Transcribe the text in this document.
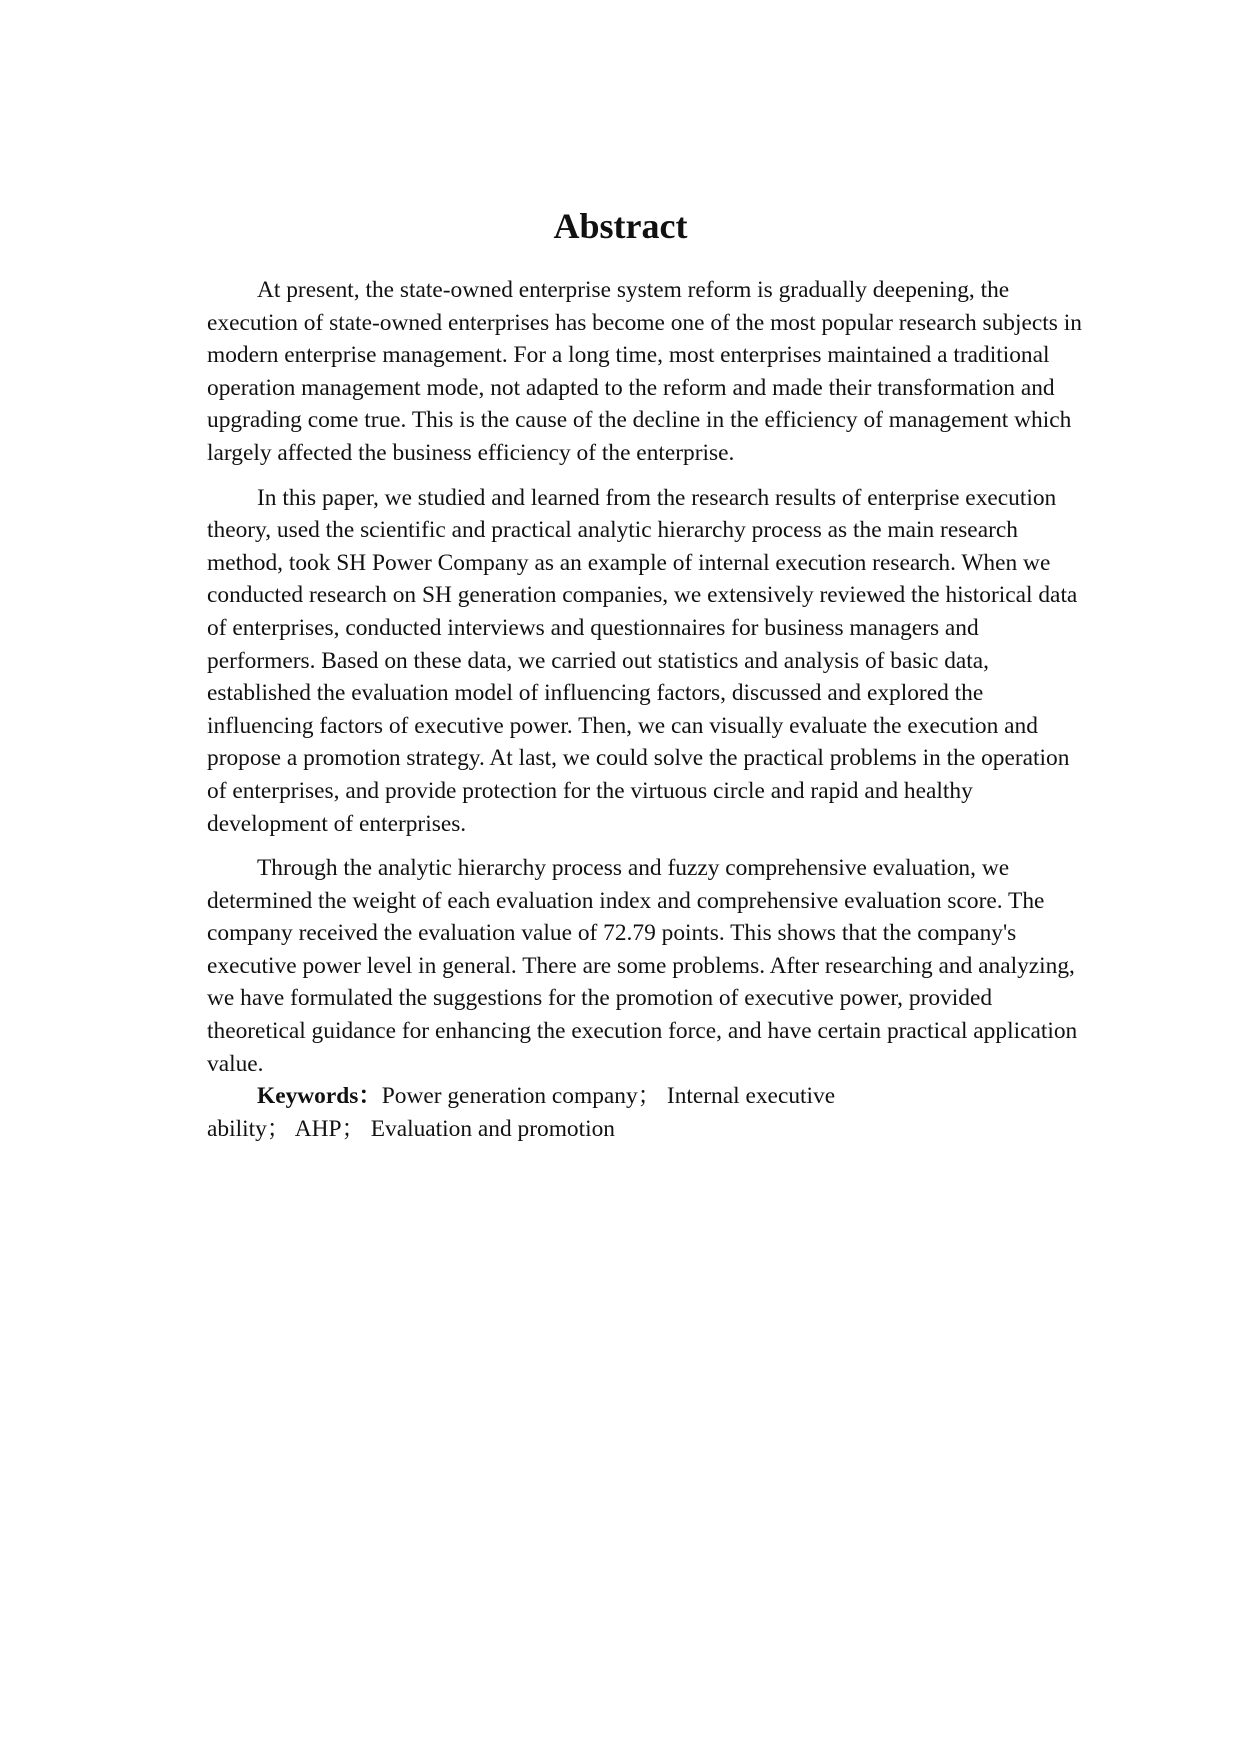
Abstract

At present, the state-owned enterprise system reform is gradually deepening, the execution of state-owned enterprises has become one of the most popular research subjects in modern enterprise management. For a long time, most enterprises maintained a traditional operation management mode, not adapted to the reform and made their transformation and upgrading come true. This is the cause of the decline in the efficiency of management which largely affected the business efficiency of the enterprise.

In this paper, we studied and learned from the research results of enterprise execution theory, used the scientific and practical analytic hierarchy process as the main research method, took SH Power Company as an example of internal execution research. When we conducted research on SH generation companies, we extensively reviewed the historical data of enterprises, conducted interviews and questionnaires for business managers and performers. Based on these data, we carried out statistics and analysis of basic data, established the evaluation model of influencing factors, discussed and explored the influencing factors of executive power. Then, we can visually evaluate the execution and propose a promotion strategy. At last, we could solve the practical problems in the operation of enterprises, and provide protection for the virtuous circle and rapid and healthy development of enterprises.

Through the analytic hierarchy process and fuzzy comprehensive evaluation, we determined the weight of each evaluation index and comprehensive evaluation score. The company received the evaluation value of 72.79 points. This shows that the company's executive power level in general. There are some problems. After researching and analyzing, we have formulated the suggestions for the promotion of executive power, provided theoretical guidance for enhancing the execution force, and have certain practical application value.

Keywords：Power generation company； Internal executive ability； AHP； Evaluation and promotion
